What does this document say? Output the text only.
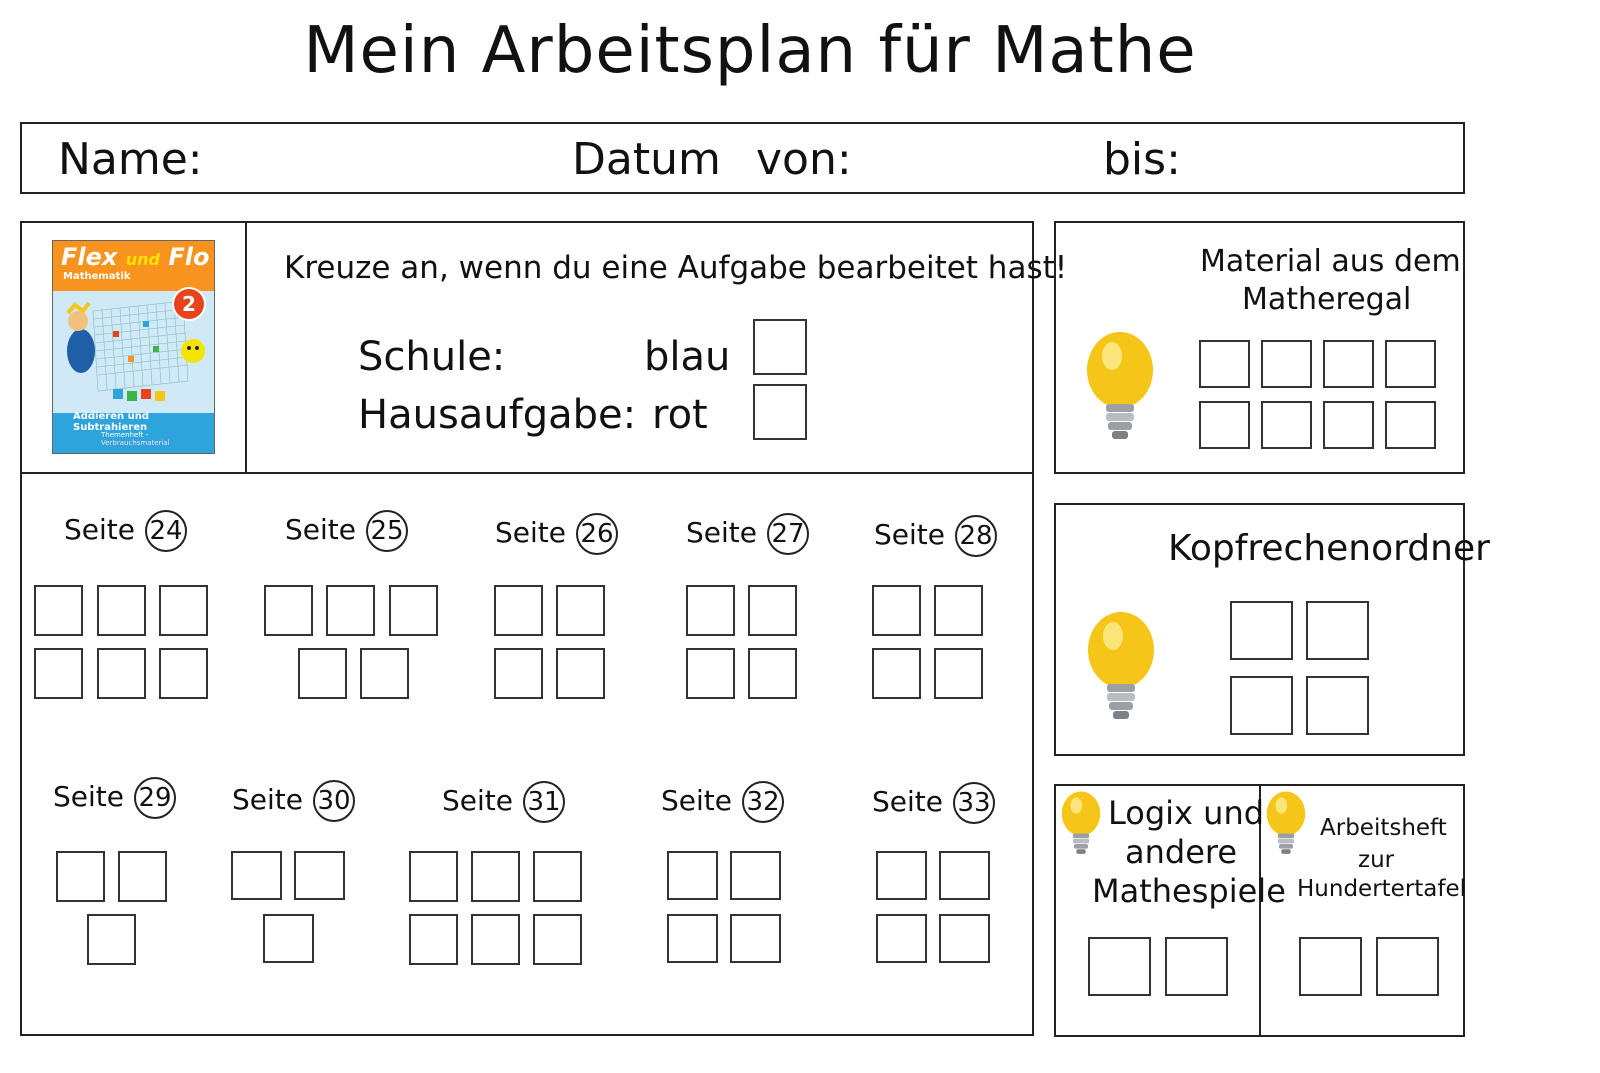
Mein Arbeitsplan für Mathe
Name:	Datum von:	bis:
Flex und Flo
Mathematik
2
Addieren und Subtrahieren
Themenheft - Verbrauchsmaterial
Kreuze an, wenn du eine Aufgabe bearbeitet hast!
Schule:	blau
Hausaufgabe: rot
Seite 24	Seite 25	Seite 26	Seite 27 Seite 28
Seite 29 Seite 30	Seite 31	Seite 32	Seite 33
Material aus dem
Matheregal
Kopfrechenordner
Logix und
andere
Mathespiele
Arbeitsheft
zur
Hundertertafel
